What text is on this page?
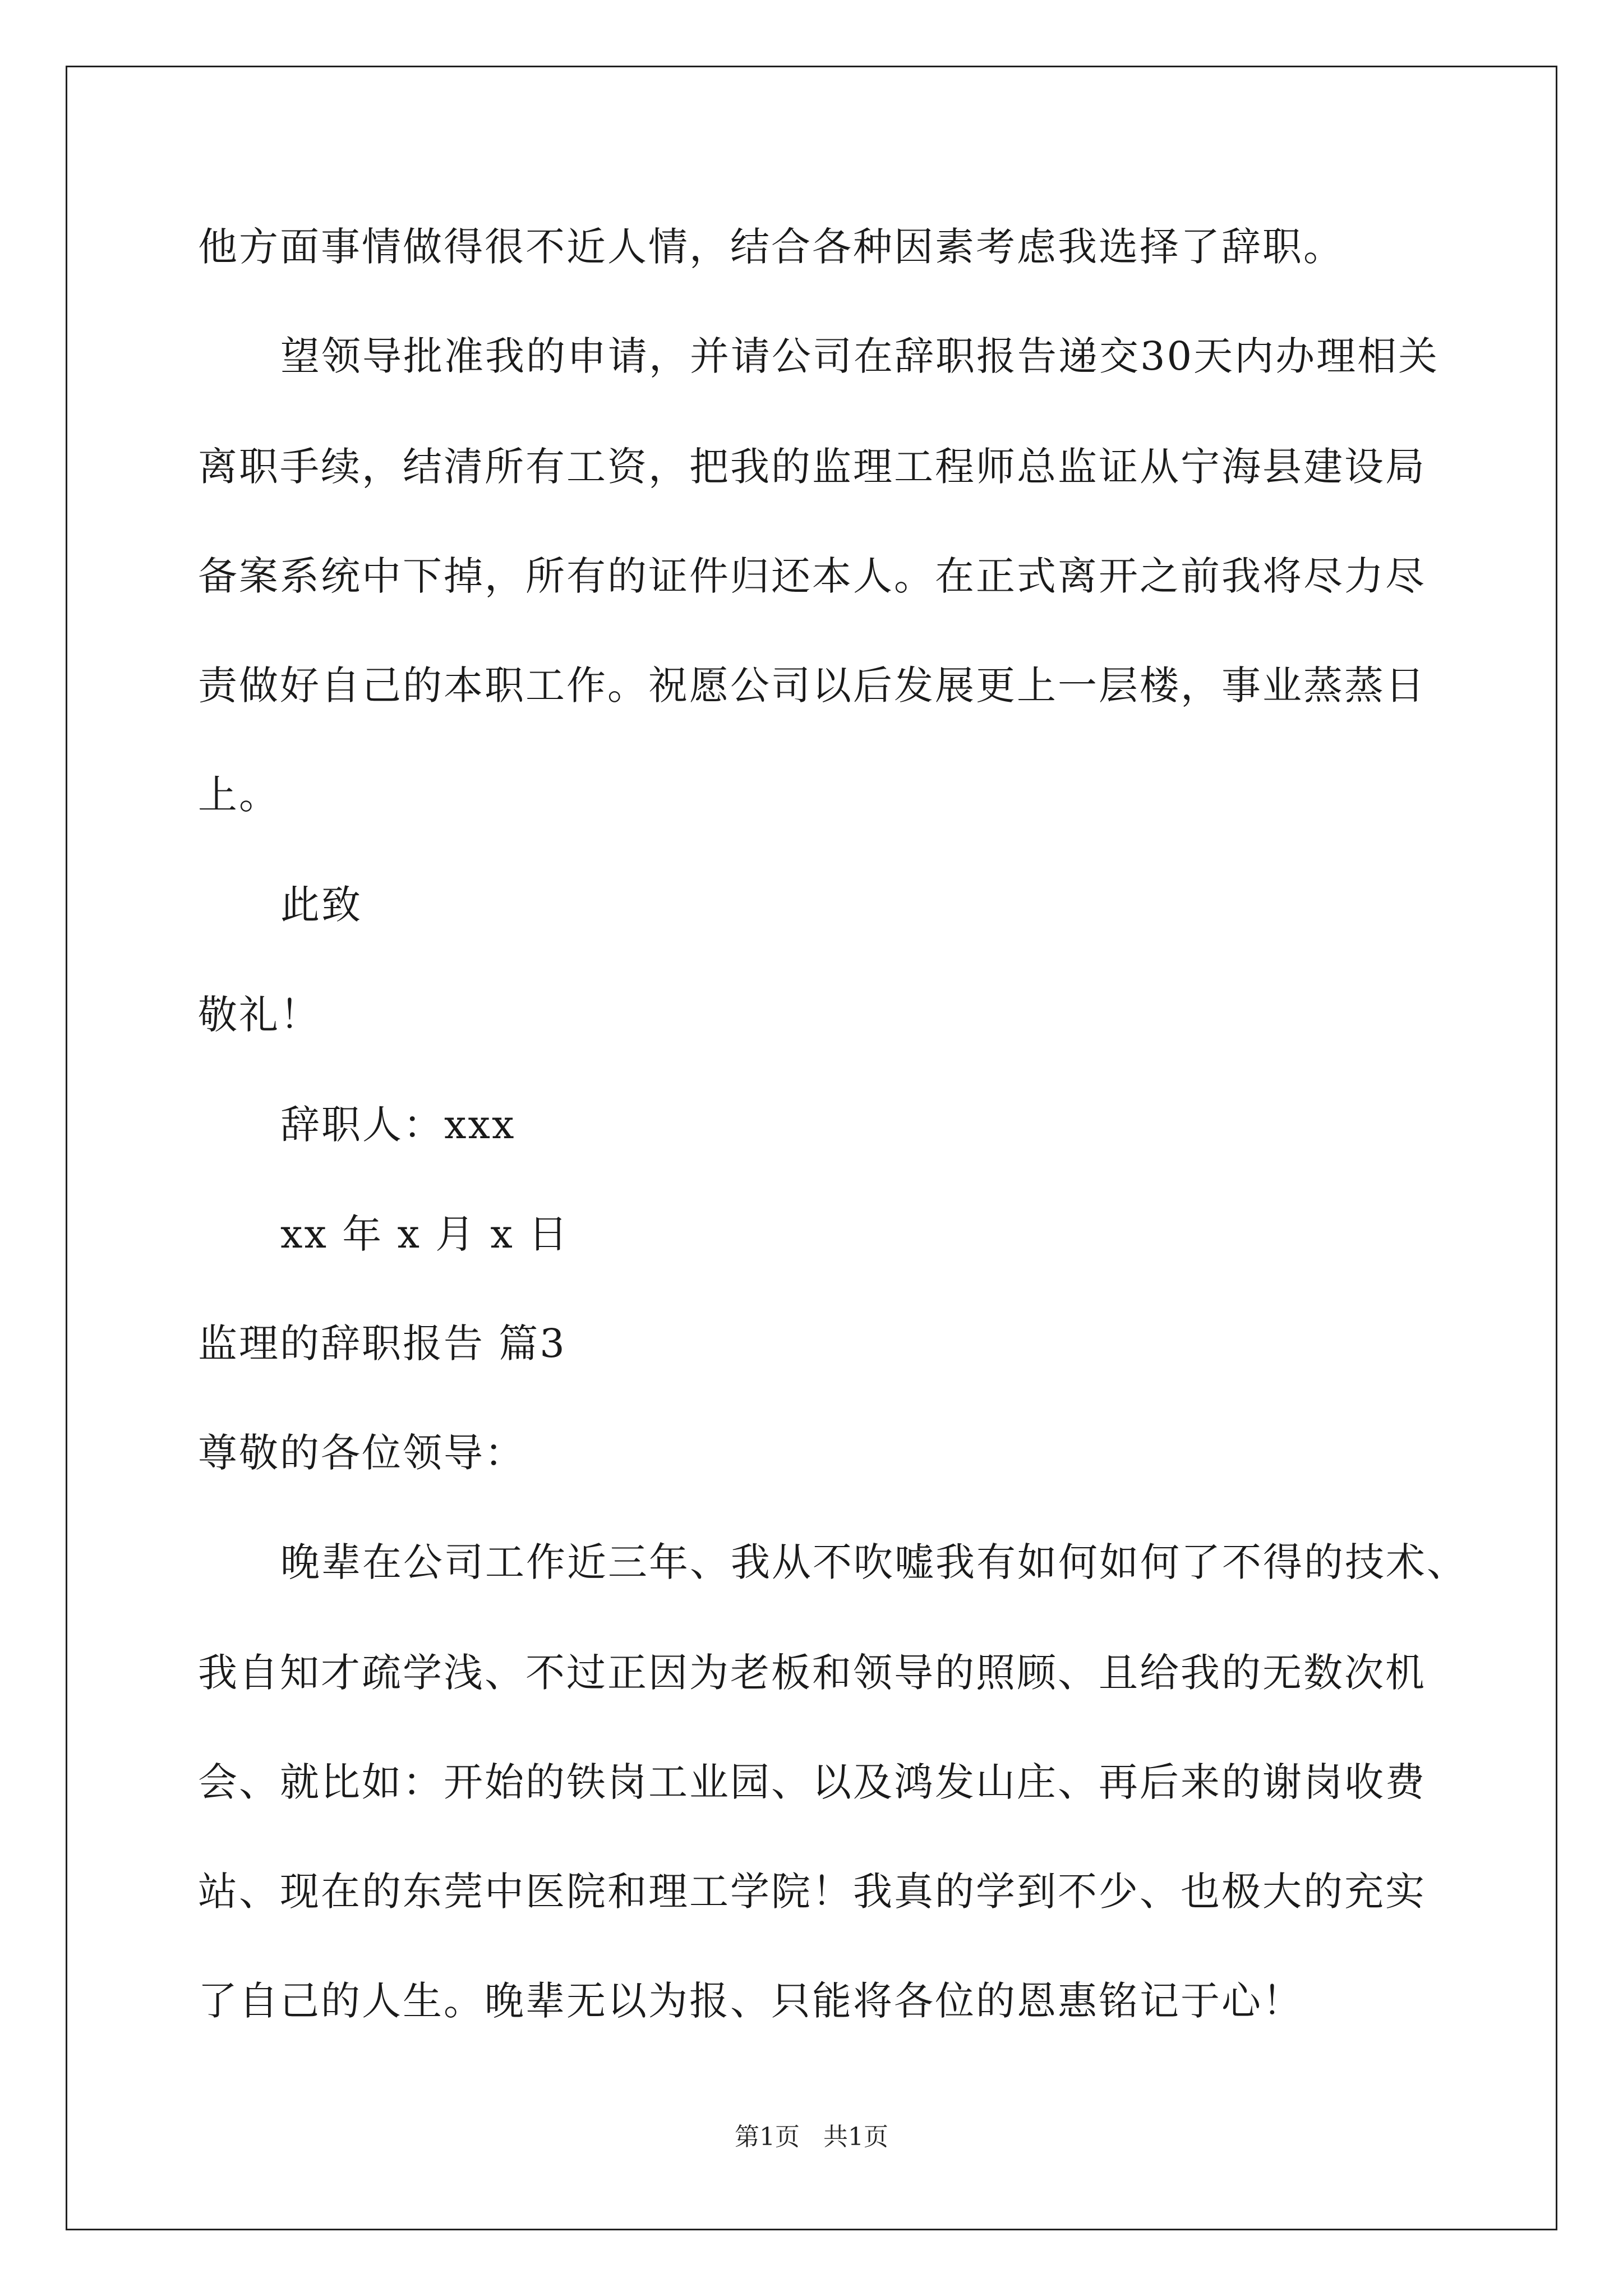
他方面事情做得很不近人情，结合各种因素考虑我选择了辞职。
望领导批准我的申请，并请公司在辞职报告递交30天内办理相关
离职手续，结清所有工资，把我的监理工程师总监证从宁海县建设局
备案系统中下掉，所有的证件归还本人。在正式离开之前我将尽力尽
责做好自己的本职工作。祝愿公司以后发展更上一层楼，事业蒸蒸日
上。
此致
敬礼！
辞职人：xxx
xx 年 x 月 x 日
监理的辞职报告 篇3
尊敬的各位领导：
晚辈在公司工作近三年、我从不吹嘘我有如何如何了不得的技术、
我自知才疏学浅、不过正因为老板和领导的照顾、且给我的无数次机
会、就比如：开始的铁岗工业园、以及鸿发山庄、再后来的谢岗收费
站、现在的东莞中医院和理工学院！我真的学到不少、也极大的充实
了自己的人生。晚辈无以为报、只能将各位的恩惠铭记于心！
第1页 共1页
